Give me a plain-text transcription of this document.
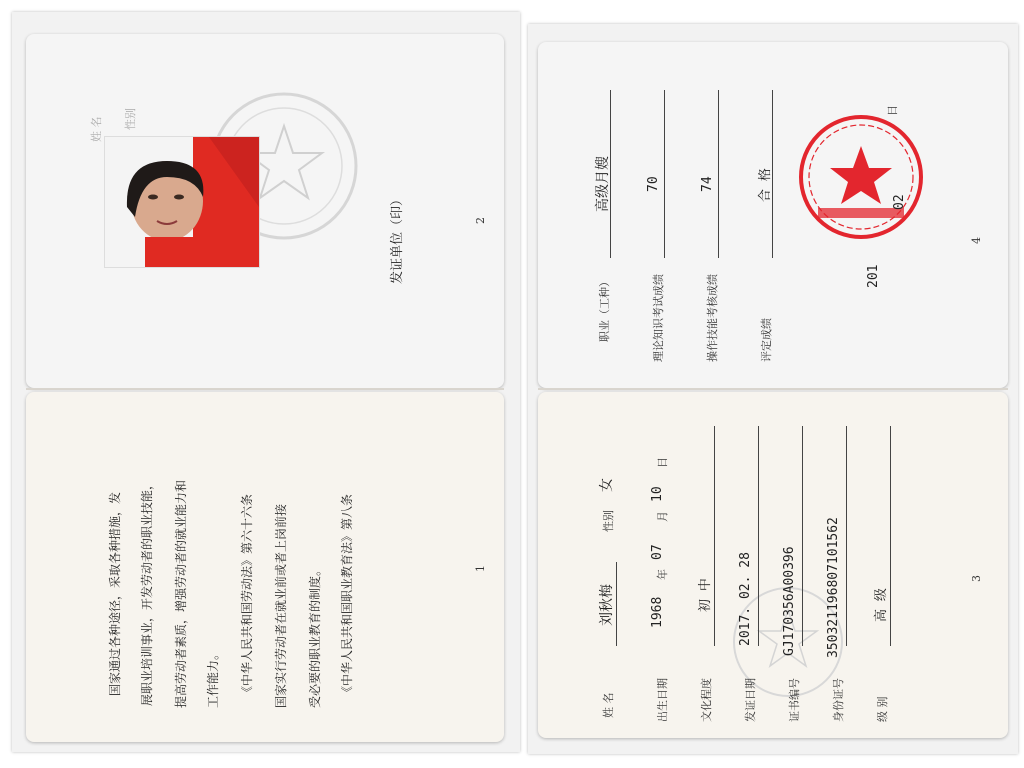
姓 名 性别
发证单位（印）	2
国家通过各种途径，采取各种措施，发 展职业培训事业，开发劳动者的职业技能， 提高劳动者素质，增强劳动者的就业能力和 工作能力。 《中华人民共和国劳动法》第六十六条 国家实行劳动者在就业前或者上岗前接 受必要的职业教育的制度。 《中华人民共和国职业教育法》第八条	1
职业（工种）
高级月嫂
理论知识考试成绩
70
操作技能考核成绩
74
评定成绩
合 格
201
02
日
4
姓 名
刘秋梅
性别
女
出生日期
1968
年
07
月
10
日
文化程度
初 中
发证日期
2017. 02. 28
证书编号
GJ170356A00396
身份证号
350321196807101562
级 别
高 级
3
